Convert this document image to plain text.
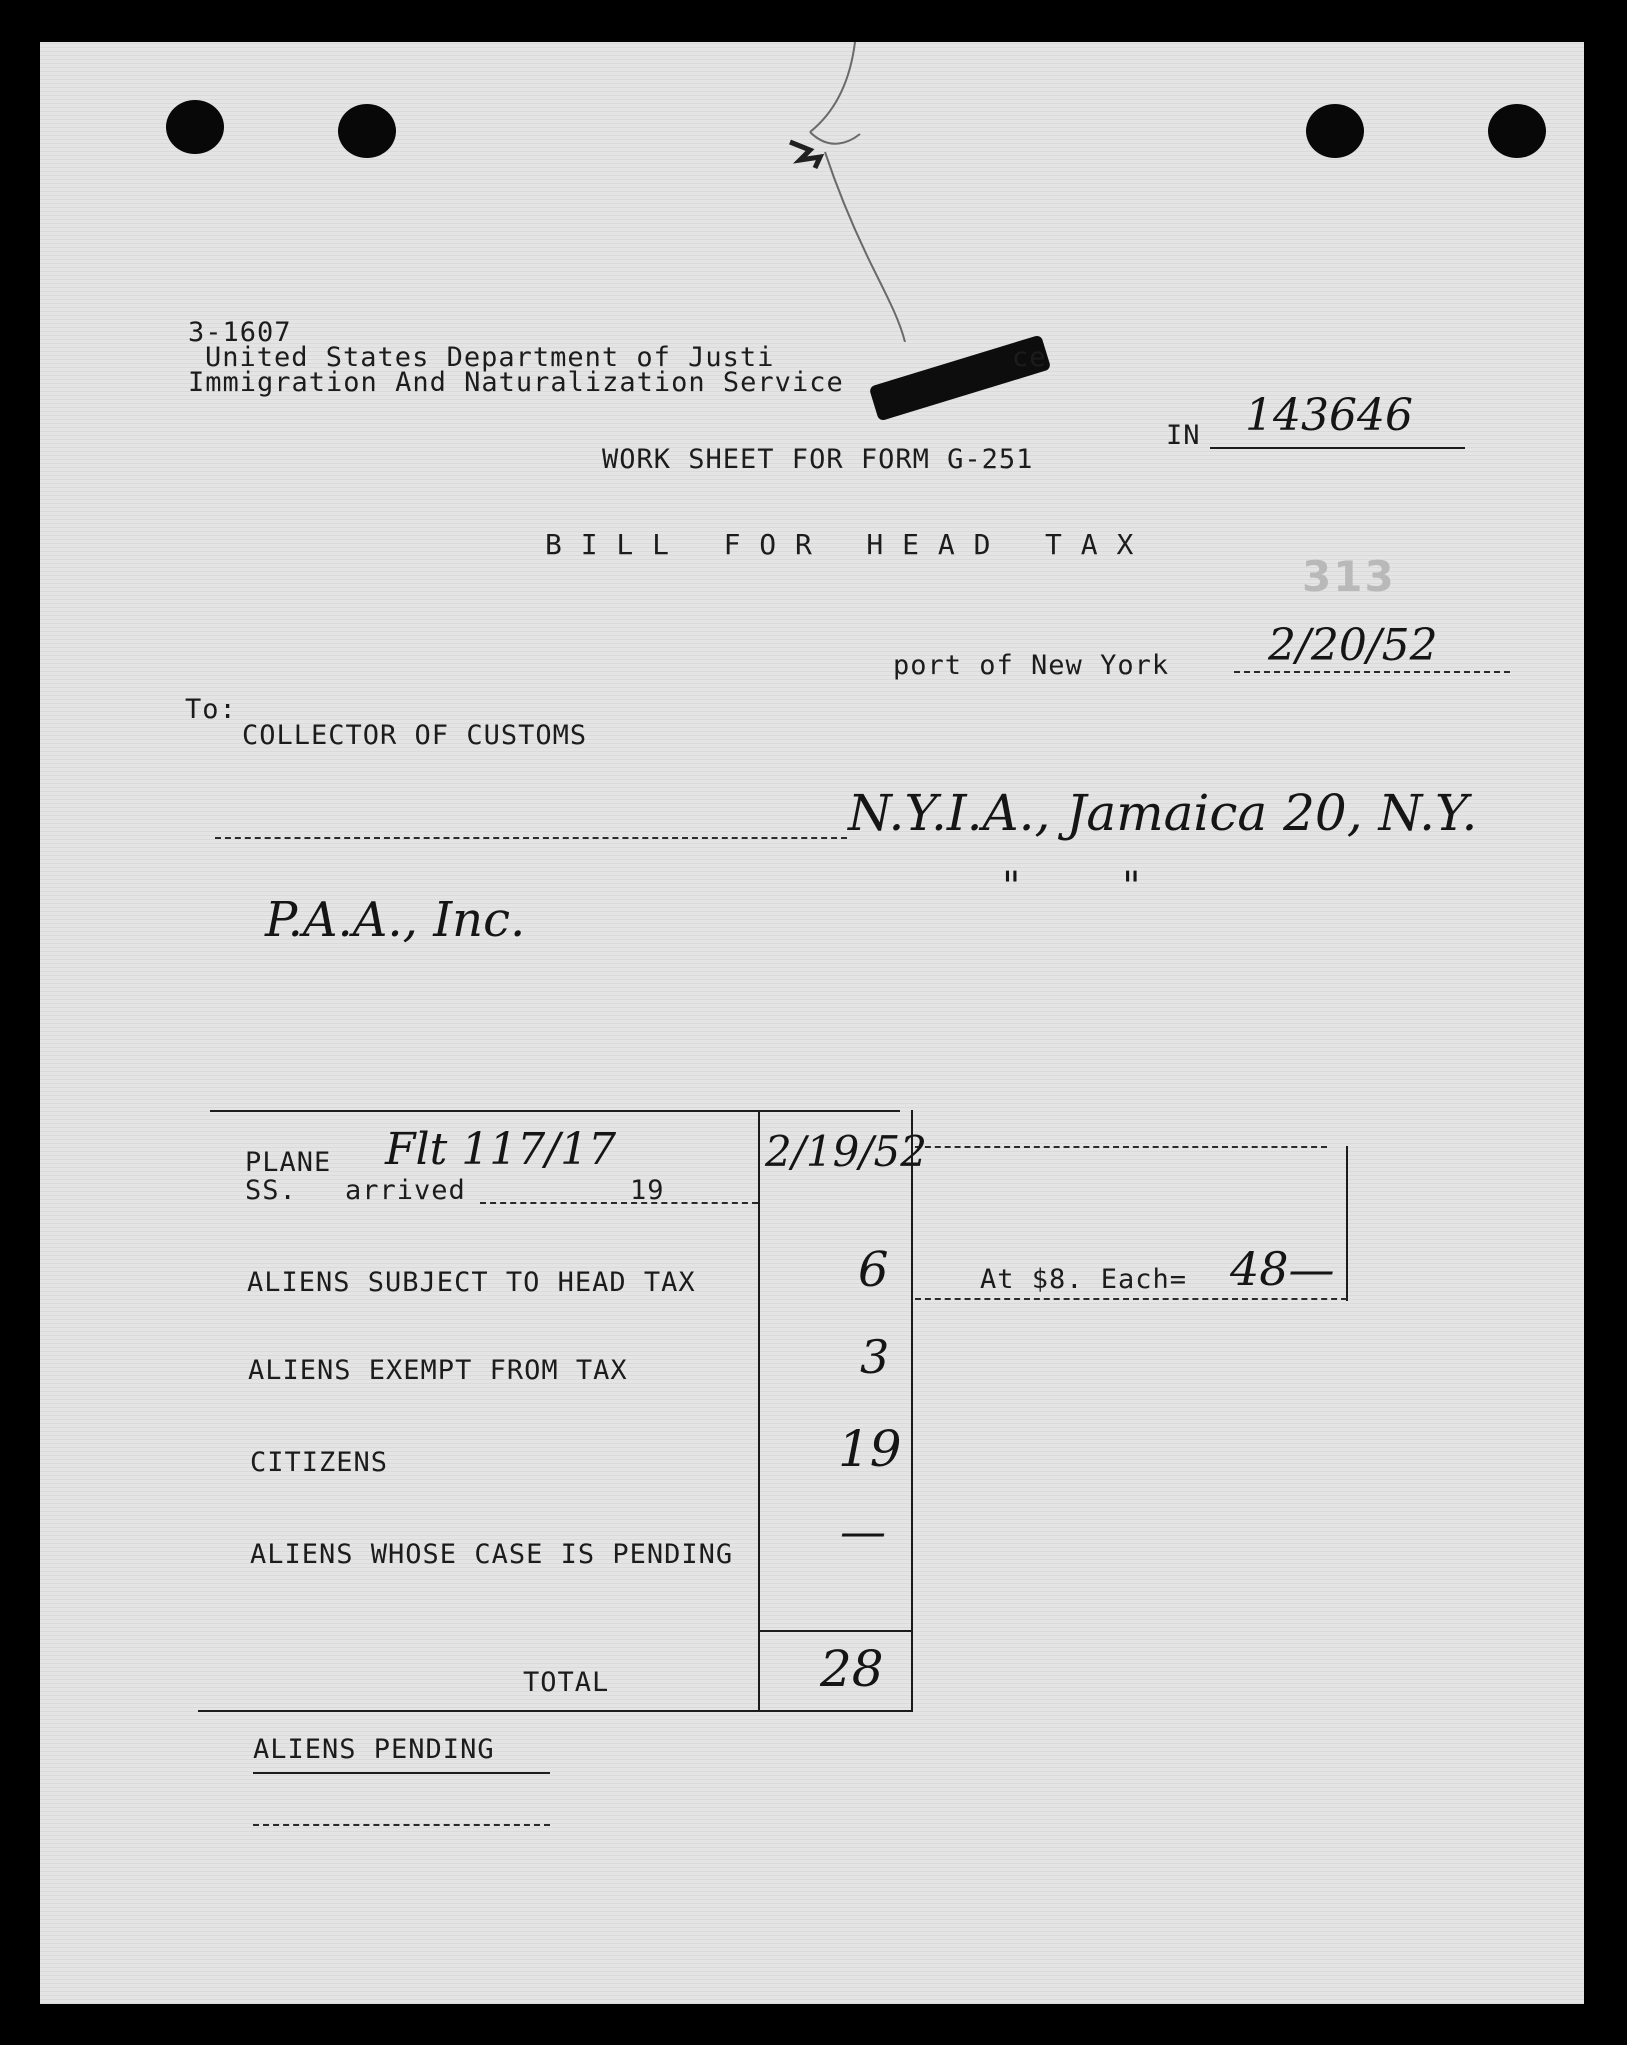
3-1607
United States Department of Justi	ce
Immigration And Naturalization Service
WORK SHEET FOR FORM G-251
IN 143646
B I L L   F O R   H E A D   T A X
313
port of New York 2/20/52
To:
COLLECTOR OF CUSTOMS
N.Y.I.A., Jamaica 20, N.Y.
P.A.A., Inc.
"        "
PLANE Flt 117/17
SS. arrived	19
2/19/52
ALIENS SUBJECT TO HEAD TAX	6	At $8. Each= 48—
ALIENS EXEMPT FROM TAX	3
CITIZENS	19
ALIENS WHOSE CASE IS PENDING —
TOTAL	28
ALIENS PENDING
